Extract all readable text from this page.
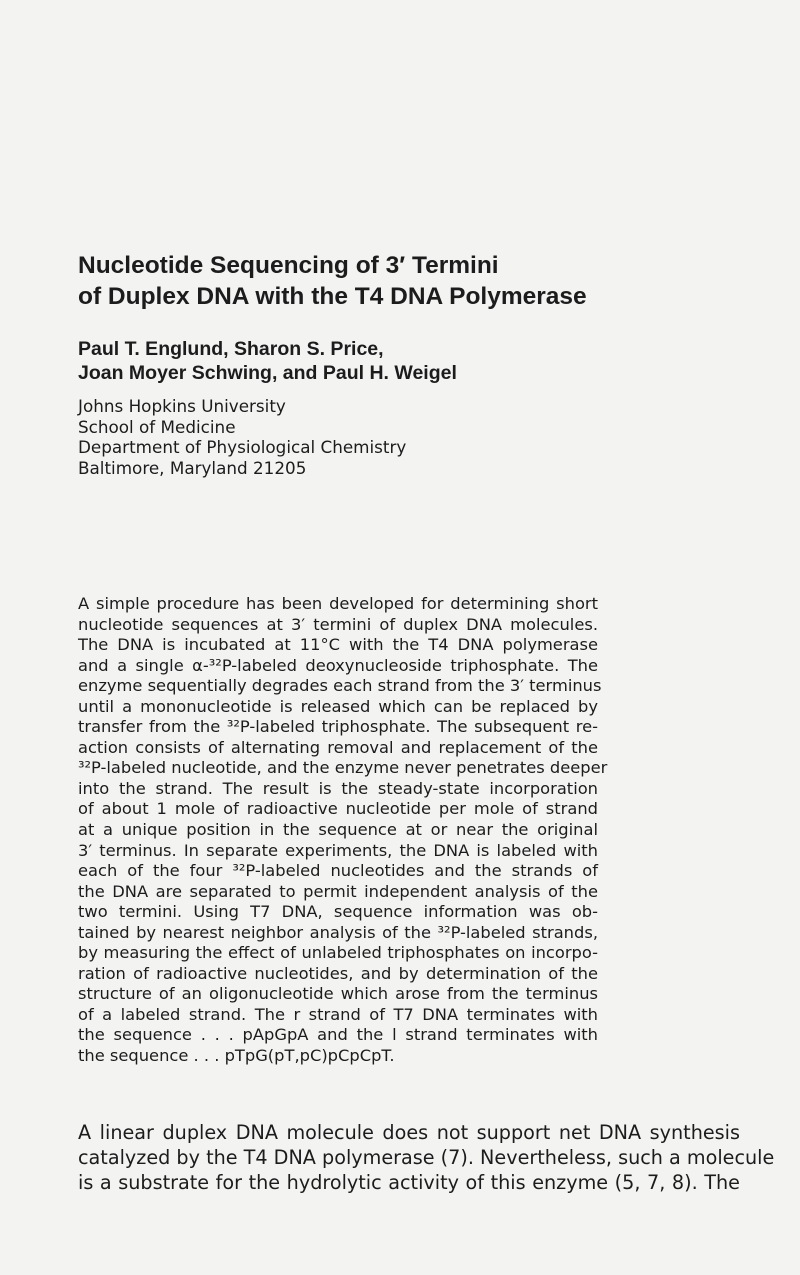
Nucleotide Sequencing of 3′ Termini
of Duplex DNA with the T4 DNA Polymerase
Paul T. Englund, Sharon S. Price,
Joan Moyer Schwing, and Paul H. Weigel
Johns Hopkins University
School of Medicine
Department of Physiological Chemistry
Baltimore, Maryland 21205
A simple procedure has been developed for determining short
nucleotide sequences at 3′ termini of duplex DNA molecules.
The DNA is incubated at 11°C with the T4 DNA polymerase
and a single α-³²P-labeled deoxynucleoside triphosphate. The
enzyme sequentially degrades each strand from the 3′ terminus
until a mononucleotide is released which can be replaced by
transfer from the ³²P-labeled triphosphate. The subsequent re-
action consists of alternating removal and replacement of the
³²P-labeled nucleotide, and the enzyme never penetrates deeper
into the strand. The result is the steady-state incorporation
of about 1 mole of radioactive nucleotide per mole of strand
at a unique position in the sequence at or near the original
3′ terminus. In separate experiments, the DNA is labeled with
each of the four ³²P-labeled nucleotides and the strands of
the DNA are separated to permit independent analysis of the
two termini. Using T7 DNA, sequence information was ob-
tained by nearest neighbor analysis of the ³²P-labeled strands,
by measuring the effect of unlabeled triphosphates on incorpo-
ration of radioactive nucleotides, and by determination of the
structure of an oligonucleotide which arose from the terminus
of a labeled strand. The r strand of T7 DNA terminates with
the sequence . . . pApGpA and the l strand terminates with
the sequence . . . pTpG(pT,pC)pCpCpT.
A linear duplex DNA molecule does not support net DNA synthesis
catalyzed by the T4 DNA polymerase (7). Nevertheless, such a molecule
is a substrate for the hydrolytic activity of this enzyme (5, 7, 8). The
